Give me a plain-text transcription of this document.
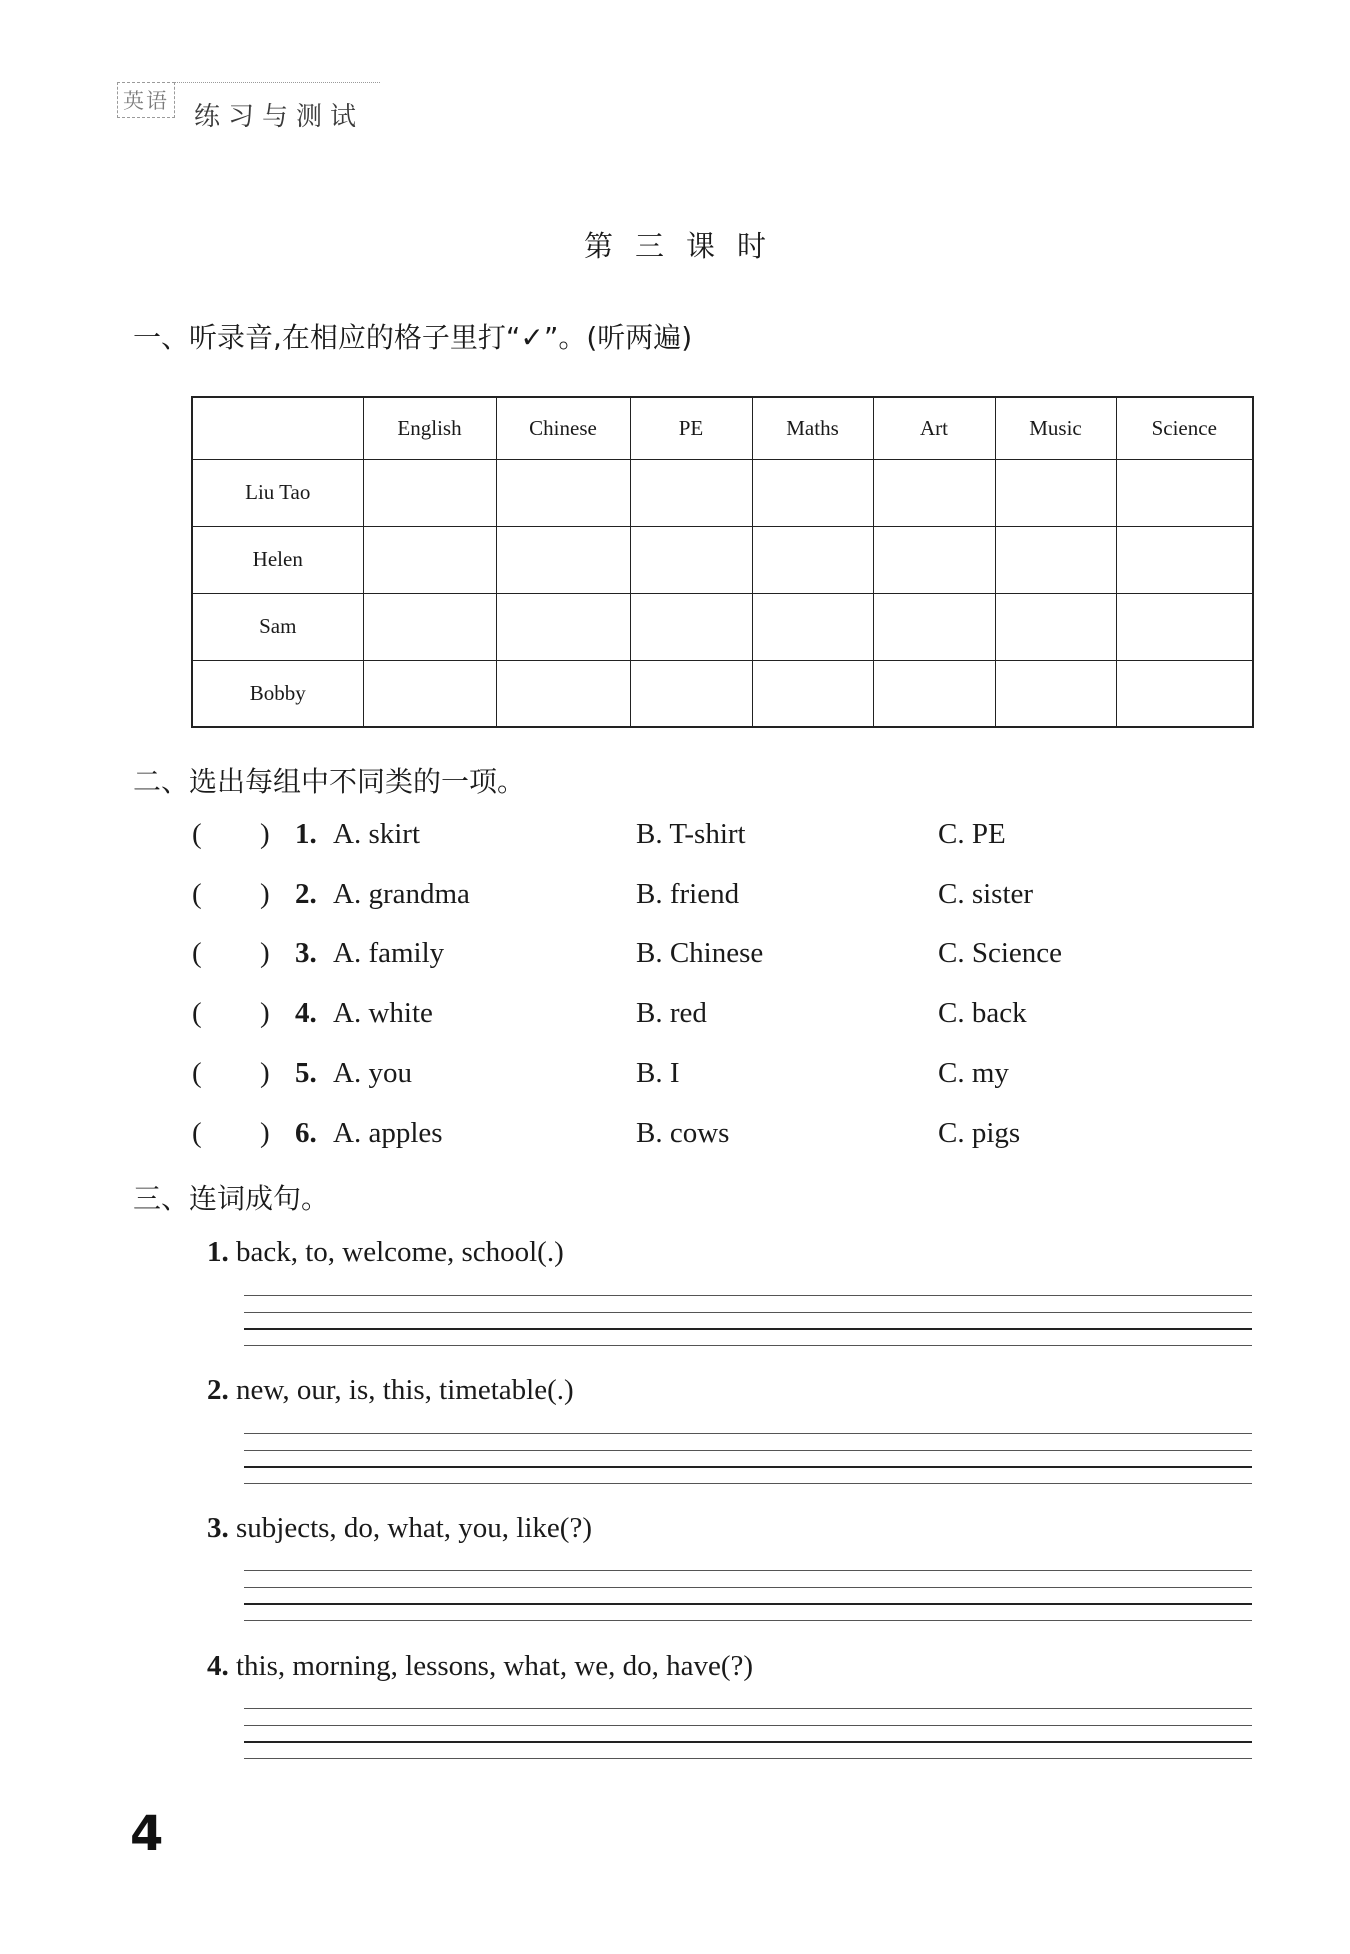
英语
练习与测试
第三课时
一、听录音,在相应的格子里打“✓”。(听两遍)
	English	Chinese	PE	Maths	Art	Music	Science
Liu Tao							
Helen							
Sam							
Bobby							
二、选出每组中不同类的一项。
( ) 1. A. skirt	B. T-shirt	C. PE
( ) 2. A. grandma	B. friend	C. sister
( ) 3. A. family	B. Chinese	C. Science
( ) 4. A. white	B. red	C. back
( ) 5. A. you	B. I	C. my
( ) 6. A. apples	B. cows	C. pigs
三、连词成句。
1. back, to, welcome, school(.)
2. new, our, is, this, timetable(.)
3. subjects, do, what, you, like(?)
4. this, morning, lessons, what, we, do, have(?)
4
